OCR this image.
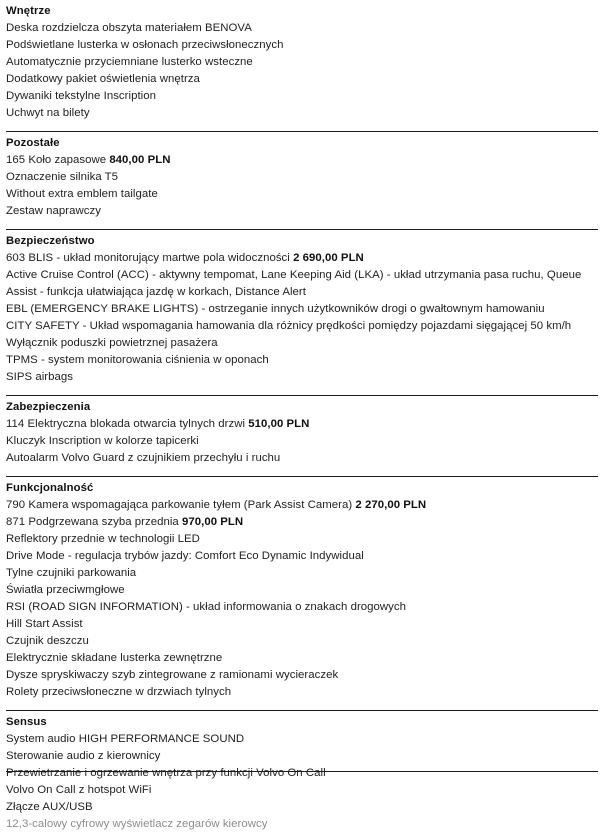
Wnętrze
Deska rozdzielcza obszyta materiałem BENOVA
Podświetlane lusterka w osłonach przeciwsłonecznych
Automatycznie przyciemniane lusterko wsteczne
Dodatkowy pakiet oświetlenia wnętrza
Dywaniki tekstylne Inscription
Uchwyt na bilety
Pozostałe
165 Koło zapasowe 840,00 PLN
Oznaczenie silnika T5
Without extra emblem tailgate
Zestaw naprawczy
Bezpieczeństwo
603 BLIS - układ monitorujący martwe pola widoczności 2 690,00 PLN
Active Cruise Control (ACC) - aktywny tempomat, Lane Keeping Aid (LKA) - układ utrzymania pasa ruchu, Queue Assist - funkcja ułatwiająca jazdę w korkach, Distance Alert
EBL (EMERGENCY BRAKE LIGHTS) - ostrzeganie innych użytkowników drogi o gwałtownym hamowaniu
CITY SAFETY - Układ wspomagania hamowania dla różnicy prędkości pomiędzy pojazdami sięgającej 50 km/h
Wyłącznik poduszki powietrznej pasażera
TPMS - system monitorowania ciśnienia w oponach
SIPS airbags
Zabezpieczenia
114 Elektryczna blokada otwarcia tylnych drzwi 510,00 PLN
Kluczyk Inscription w kolorze tapicerki
Autoalarm Volvo Guard z czujnikiem przechyłu i ruchu
Funkcjonalność
790 Kamera wspomagająca parkowanie tyłem (Park Assist Camera) 2 270,00 PLN
871 Podgrzewana szyba przednia 970,00 PLN
Reflektory przednie w technologii LED
Drive Mode - regulacja trybów jazdy: Comfort Eco Dynamic Indywidual
Tylne czujniki parkowania
Światła przeciwmgłowe
RSI (ROAD SIGN INFORMATION) - układ informowania o znakach drogowych
Hill Start Assist
Czujnik deszczu
Elektrycznie składane lusterka zewnętrzne
Dysze spryskiwaczy szyb zintegrowane z ramionami wycieraczek
Rolety przeciwsłoneczne w drzwiach tylnych
Sensus
System audio HIGH PERFORMANCE SOUND
Sterowanie audio z kierownicy
Przewietrzanie i ogrzewanie wnętrza przy funkcji Volvo On Call
Volvo On Call z hotspot WiFi
Złącze AUX/USB
12,3-calowy cyfrowy wyświetlacz zegarów kierowcy
